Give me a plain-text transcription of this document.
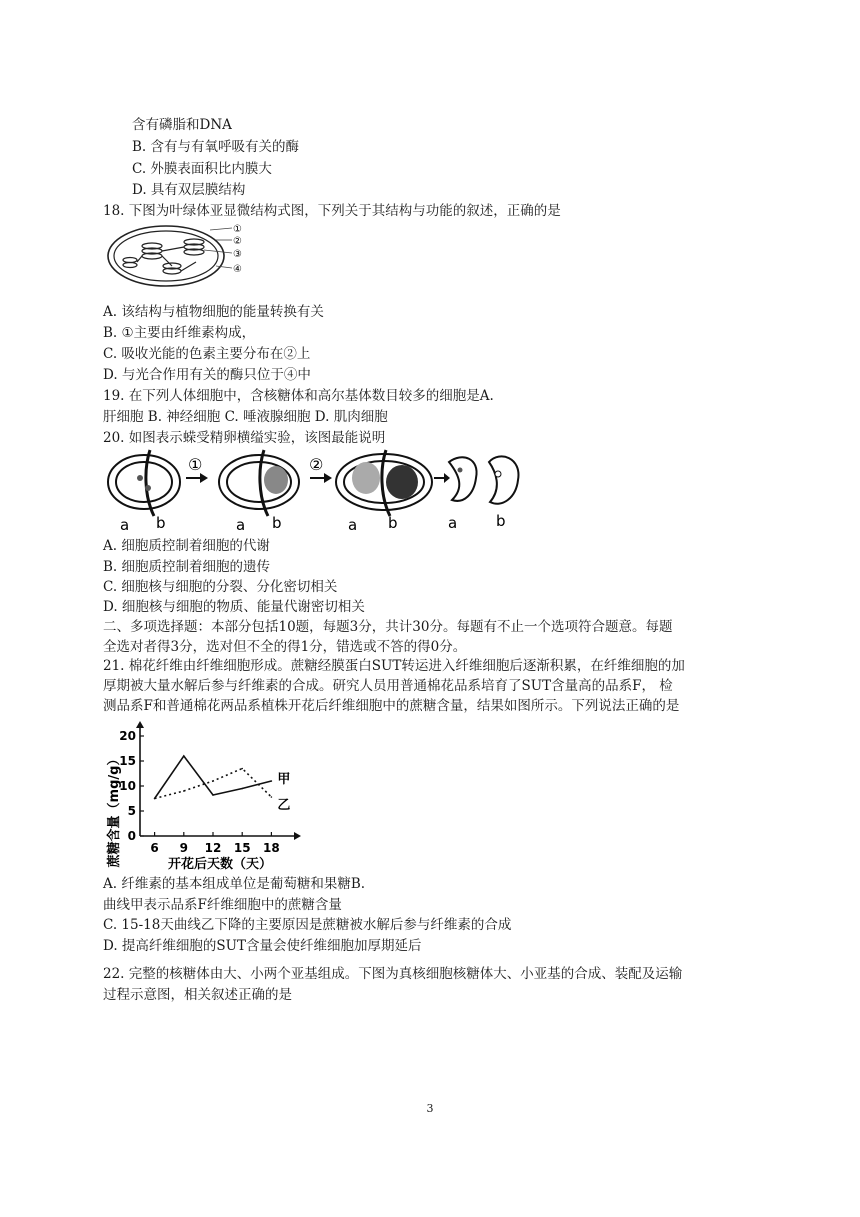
含有磷脂和DNA
B. 含有与有氧呼吸有关的酶
C. 外膜表面积比内膜大
D. 具有双层膜结构
18. 下图为叶绿体亚显微结构式图，下列关于其结构与功能的叙述，正确的是
①
②
③
④
A. 该结构与植物细胞的能量转换有关
B. ①主要由纤维素构成，
C. 吸收光能的色素主要分布在②上
D. 与光合作用有关的酶只位于④中
19. 在下列人体细胞中，含核糖体和高尔基体数目较多的细胞是A.
肝细胞 B. 神经细胞 C. 唾液腺细胞 D. 肌肉细胞
20. 如图表示蝾受精卵横缢实验，该图最能说明
①	②
a b	a b	a b	a	b
A. 细胞质控制着细胞的代谢
B. 细胞质控制着细胞的遗传
C. 细胞核与细胞的分裂、分化密切相关
D. 细胞核与细胞的物质、能量代谢密切相关
二、多项选择题：本部分包括10题，每题3分，共计30分。每题有不止一个选项符合题意。每题
全选对者得3分，选对但不全的得1分，错选或不答的得0分。
21. 棉花纤维由纤维细胞形成。蔗糖经膜蛋白SUT转运进入纤维细胞后逐渐积累，在纤维细胞的加
厚期被大量水解后参与纤维素的合成。研究人员用普通棉花品系培育了SUT含量高的品系F， 检
测品系F和普通棉花两品系植株开花后纤维细胞中的蔗糖含量，结果如图所示。下列说法正确的是
0
5
10
15
20
6 9 12 15 18
甲
乙
蔗糖含量（mg/g）	开花后天数（天）
A. 纤维素的基本组成单位是葡萄糖和果糖B.
曲线甲表示品系F纤维细胞中的蔗糖含量
C. 15-18天曲线乙下降的主要原因是蔗糖被水解后参与纤维素的合成
D. 提高纤维细胞的SUT含量会使纤维细胞加厚期延后
22. 完整的核糖体由大、小两个亚基组成。下图为真核细胞核糖体大、小亚基的合成、装配及运输
过程示意图，相关叙述正确的是
3
